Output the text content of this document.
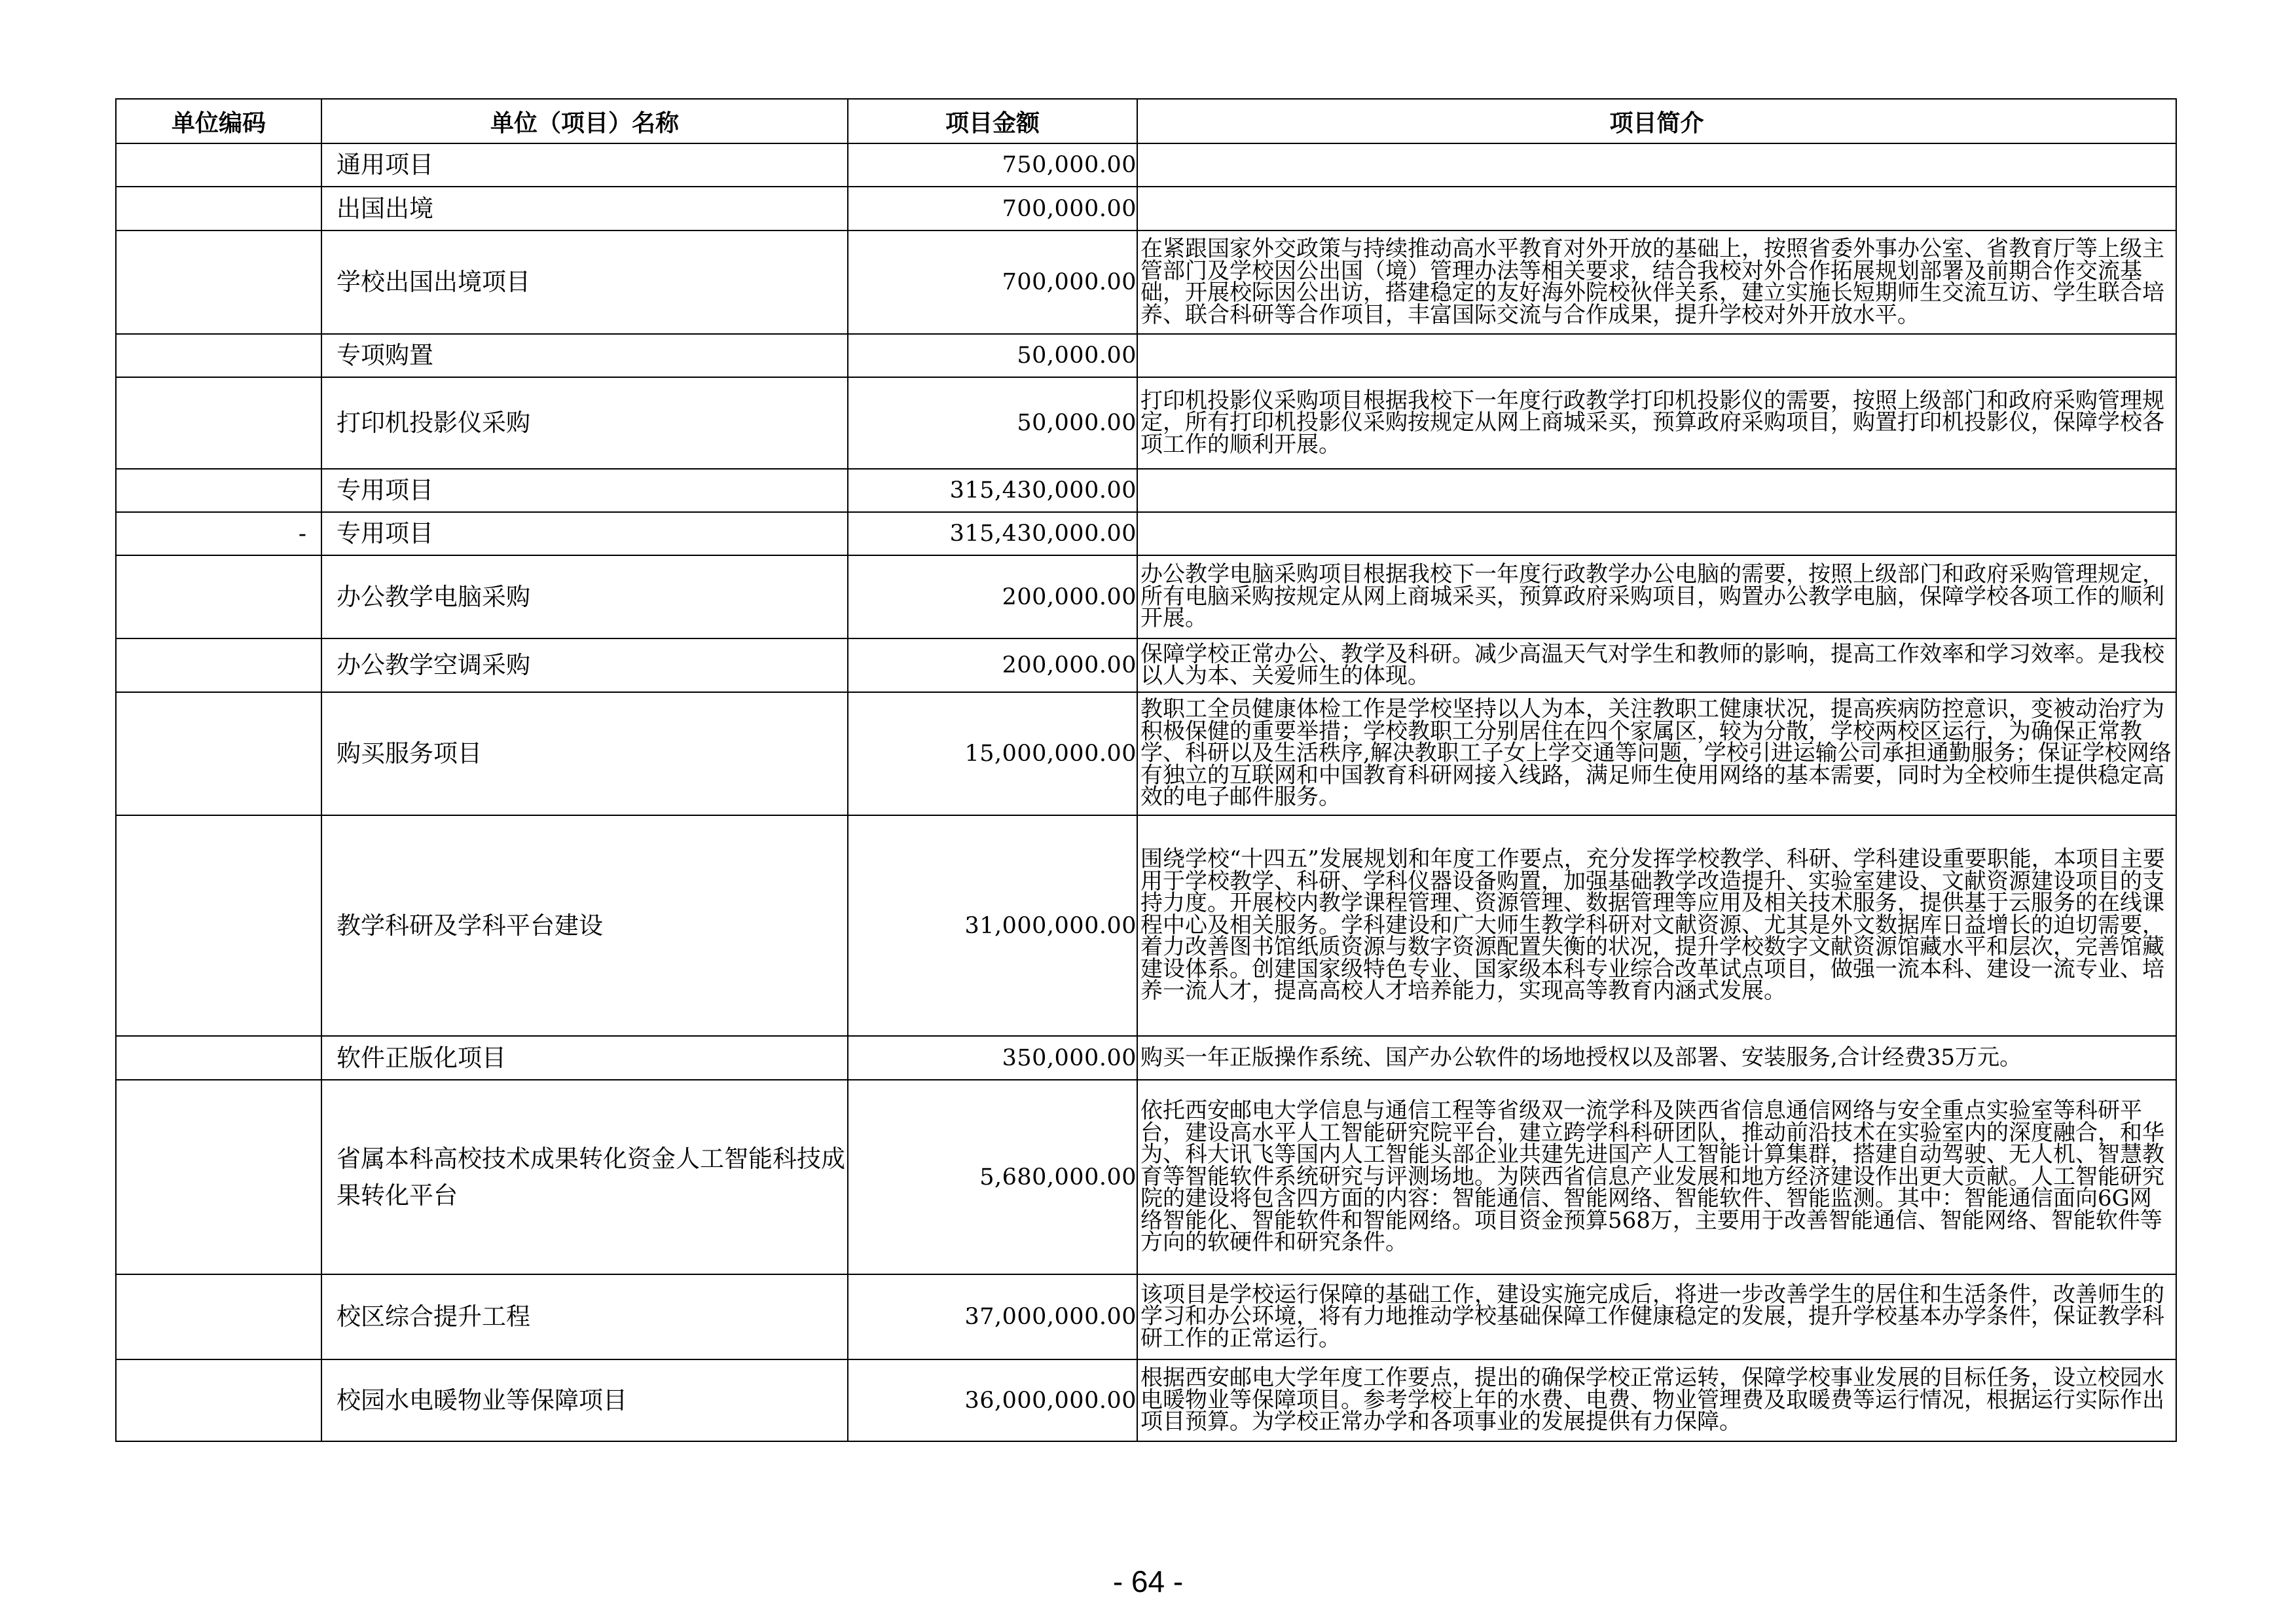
单位编码	单位（项目）名称	项目金额	项目简介
	通用项目	750,000.00	
	出国出境	700,000.00	
	学校出国出境项目	700,000.00	在紧跟国家外交政策与持续推动高水平教育对外开放的基础上，按照省委外事办公室、省教育厅等上级主管部门及学校因公出国（境）管理办法等相关要求，结合我校对外合作拓展规划部署及前期合作交流基础，开展校际因公出访，搭建稳定的友好海外院校伙伴关系，建立实施长短期师生交流互访、学生联合培养、联合科研等合作项目，丰富国际交流与合作成果，提升学校对外开放水平。
	专项购置	50,000.00	
	打印机投影仪采购	50,000.00	打印机投影仪采购项目根据我校下一年度行政教学打印机投影仪的需要，按照上级部门和政府采购管理规定，所有打印机投影仪采购按规定从网上商城采买，预算政府采购项目，购置打印机投影仪，保障学校各项工作的顺利开展。
	专用项目	315,430,000.00	
-	专用项目	315,430,000.00	
	办公教学电脑采购	200,000.00	办公教学电脑采购项目根据我校下一年度行政教学办公电脑的需要，按照上级部门和政府采购管理规定，所有电脑采购按规定从网上商城采买，预算政府采购项目，购置办公教学电脑，保障学校各项工作的顺利开展。
	办公教学空调采购	200,000.00	保障学校正常办公、教学及科研。减少高温天气对学生和教师的影响，提高工作效率和学习效率。是我校以人为本、关爱师生的体现。
	购买服务项目	15,000,000.00	教职工全员健康体检工作是学校坚持以人为本，关注教职工健康状况，提高疾病防控意识，变被动治疗为积极保健的重要举措；学校教职工分别居住在四个家属区，较为分散，学校两校区运行，为确保正常教学、科研以及生活秩序,解决教职工子女上学交通等问题，学校引进运输公司承担通勤服务；保证学校网络有独立的互联网和中国教育科研网接入线路，满足师生使用网络的基本需要，同时为全校师生提供稳定高效的电子邮件服务。
	教学科研及学科平台建设	31,000,000.00	围绕学校“十四五”发展规划和年度工作要点，充分发挥学校教学、科研、学科建设重要职能，本项目主要用于学校教学、科研、学科仪器设备购置，加强基础教学改造提升、实验室建设、文献资源建设项目的支持力度。开展校内教学课程管理、资源管理、数据管理等应用及相关技术服务，提供基于云服务的在线课程中心及相关服务。学科建设和广大师生教学科研对文献资源、尤其是外文数据库日益增长的迫切需要，着力改善图书馆纸质资源与数字资源配置失衡的状况，提升学校数字文献资源馆藏水平和层次，完善馆藏建设体系。创建国家级特色专业、国家级本科专业综合改革试点项目，做强一流本科、建设一流专业、培养一流人才，提高高校人才培养能力，实现高等教育内涵式发展。
	软件正版化项目	350,000.00	购买一年正版操作系统、国产办公软件的场地授权以及部署、安装服务,合计经费35万元。
	省属本科高校技术成果转化资金人工智能科技成果转化平台	5,680,000.00	依托西安邮电大学信息与通信工程等省级双一流学科及陕西省信息通信网络与安全重点实验室等科研平台，建设高水平人工智能研究院平台，建立跨学科科研团队，推动前沿技术在实验室内的深度融合，和华为、科大讯飞等国内人工智能头部企业共建先进国产人工智能计算集群，搭建自动驾驶、无人机、智慧教育等智能软件系统研究与评测场地。为陕西省信息产业发展和地方经济建设作出更大贡献。人工智能研究院的建设将包含四方面的内容：智能通信、智能网络、智能软件、智能监测。其中：智能通信面向6G网络智能化、智能软件和智能网络。项目资金预算568万，主要用于改善智能通信、智能网络、智能软件等方向的软硬件和研究条件。
	校区综合提升工程	37,000,000.00	该项目是学校运行保障的基础工作，建设实施完成后，将进一步改善学生的居住和生活条件，改善师生的学习和办公环境，将有力地推动学校基础保障工作健康稳定的发展，提升学校基本办学条件，保证教学科研工作的正常运行。
	校园水电暖物业等保障项目	36,000,000.00	根据西安邮电大学年度工作要点，提出的确保学校正常运转，保障学校事业发展的目标任务，设立校园水电暖物业等保障项目。参考学校上年的水费、电费、物业管理费及取暖费等运行情况，根据运行实际作出项目预算。为学校正常办学和各项事业的发展提供有力保障。
- 64 -
